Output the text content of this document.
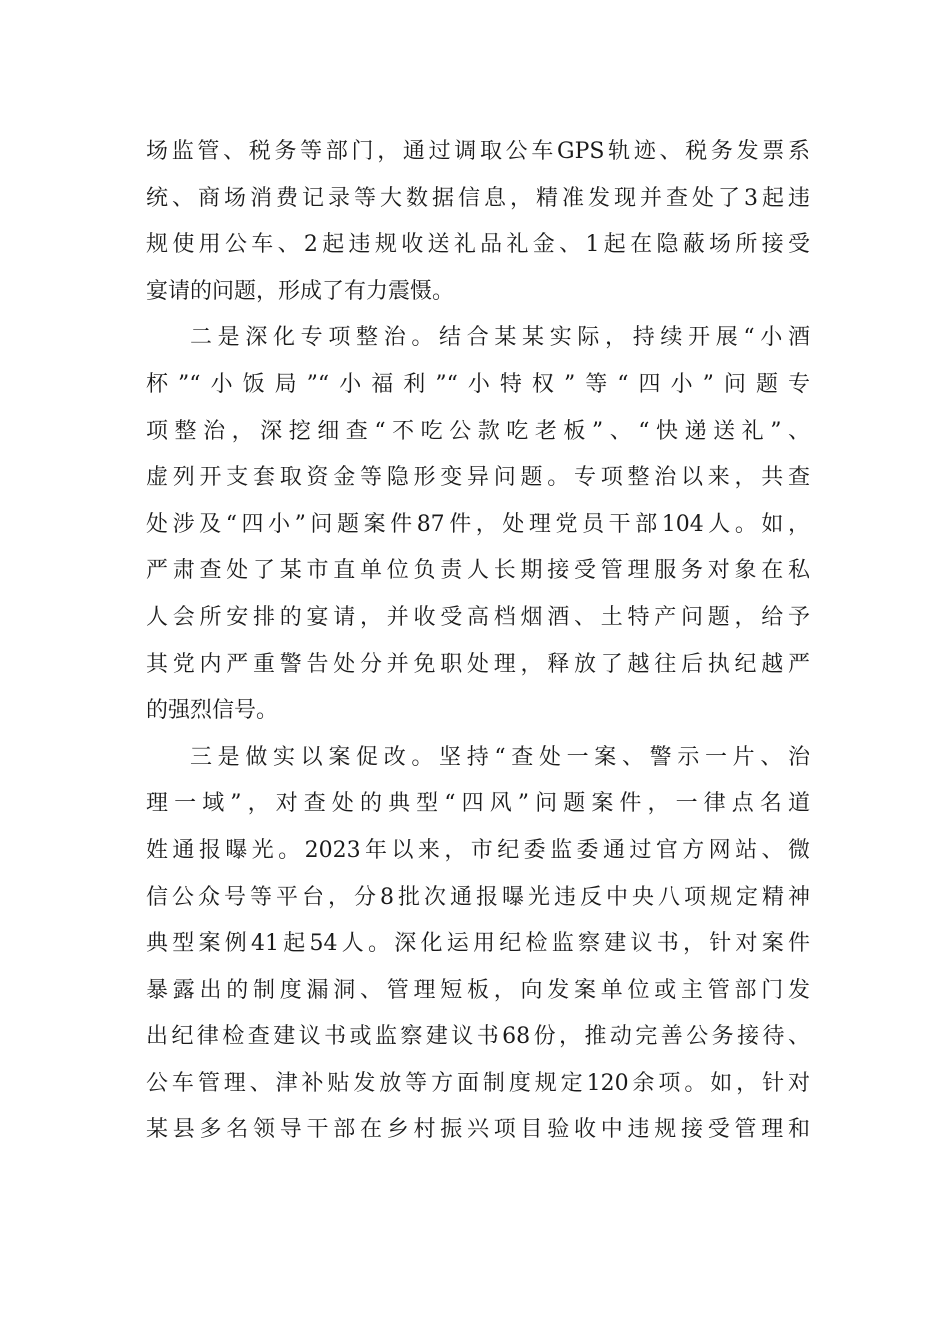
场监管、税务等部门，通过调取公车GPS轨迹、税务发票系
统、商场消费记录等大数据信息，精准发现并查处了3起违
规使用公车、2起违规收送礼品礼金、1起在隐蔽场所接受
宴请的问题，形成了有力震慑。
二是深化专项整治。结合某某实际，持续开展“小酒
杯”“小饭局”“小福利”“小特权”等“四小”问题专
项整治，深挖细查“不吃公款吃老板”、“快递送礼”、
虚列开支套取资金等隐形变异问题。专项整治以来，共查
处涉及“四小”问题案件87件，处理党员干部104人。如，
严肃查处了某市直单位负责人长期接受管理服务对象在私
人会所安排的宴请，并收受高档烟酒、土特产问题，给予
其党内严重警告处分并免职处理，释放了越往后执纪越严
的强烈信号。
三是做实以案促改。坚持“查处一案、警示一片、治
理一域”，对查处的典型“四风”问题案件，一律点名道
姓通报曝光。2023年以来，市纪委监委通过官方网站、微
信公众号等平台，分8批次通报曝光违反中央八项规定精神
典型案例41起54人。深化运用纪检监察建议书，针对案件
暴露出的制度漏洞、管理短板，向发案单位或主管部门发
出纪律检查建议书或监察建议书68份，推动完善公务接待、
公车管理、津补贴发放等方面制度规定120余项。如，针对
某县多名领导干部在乡村振兴项目验收中违规接受管理和
